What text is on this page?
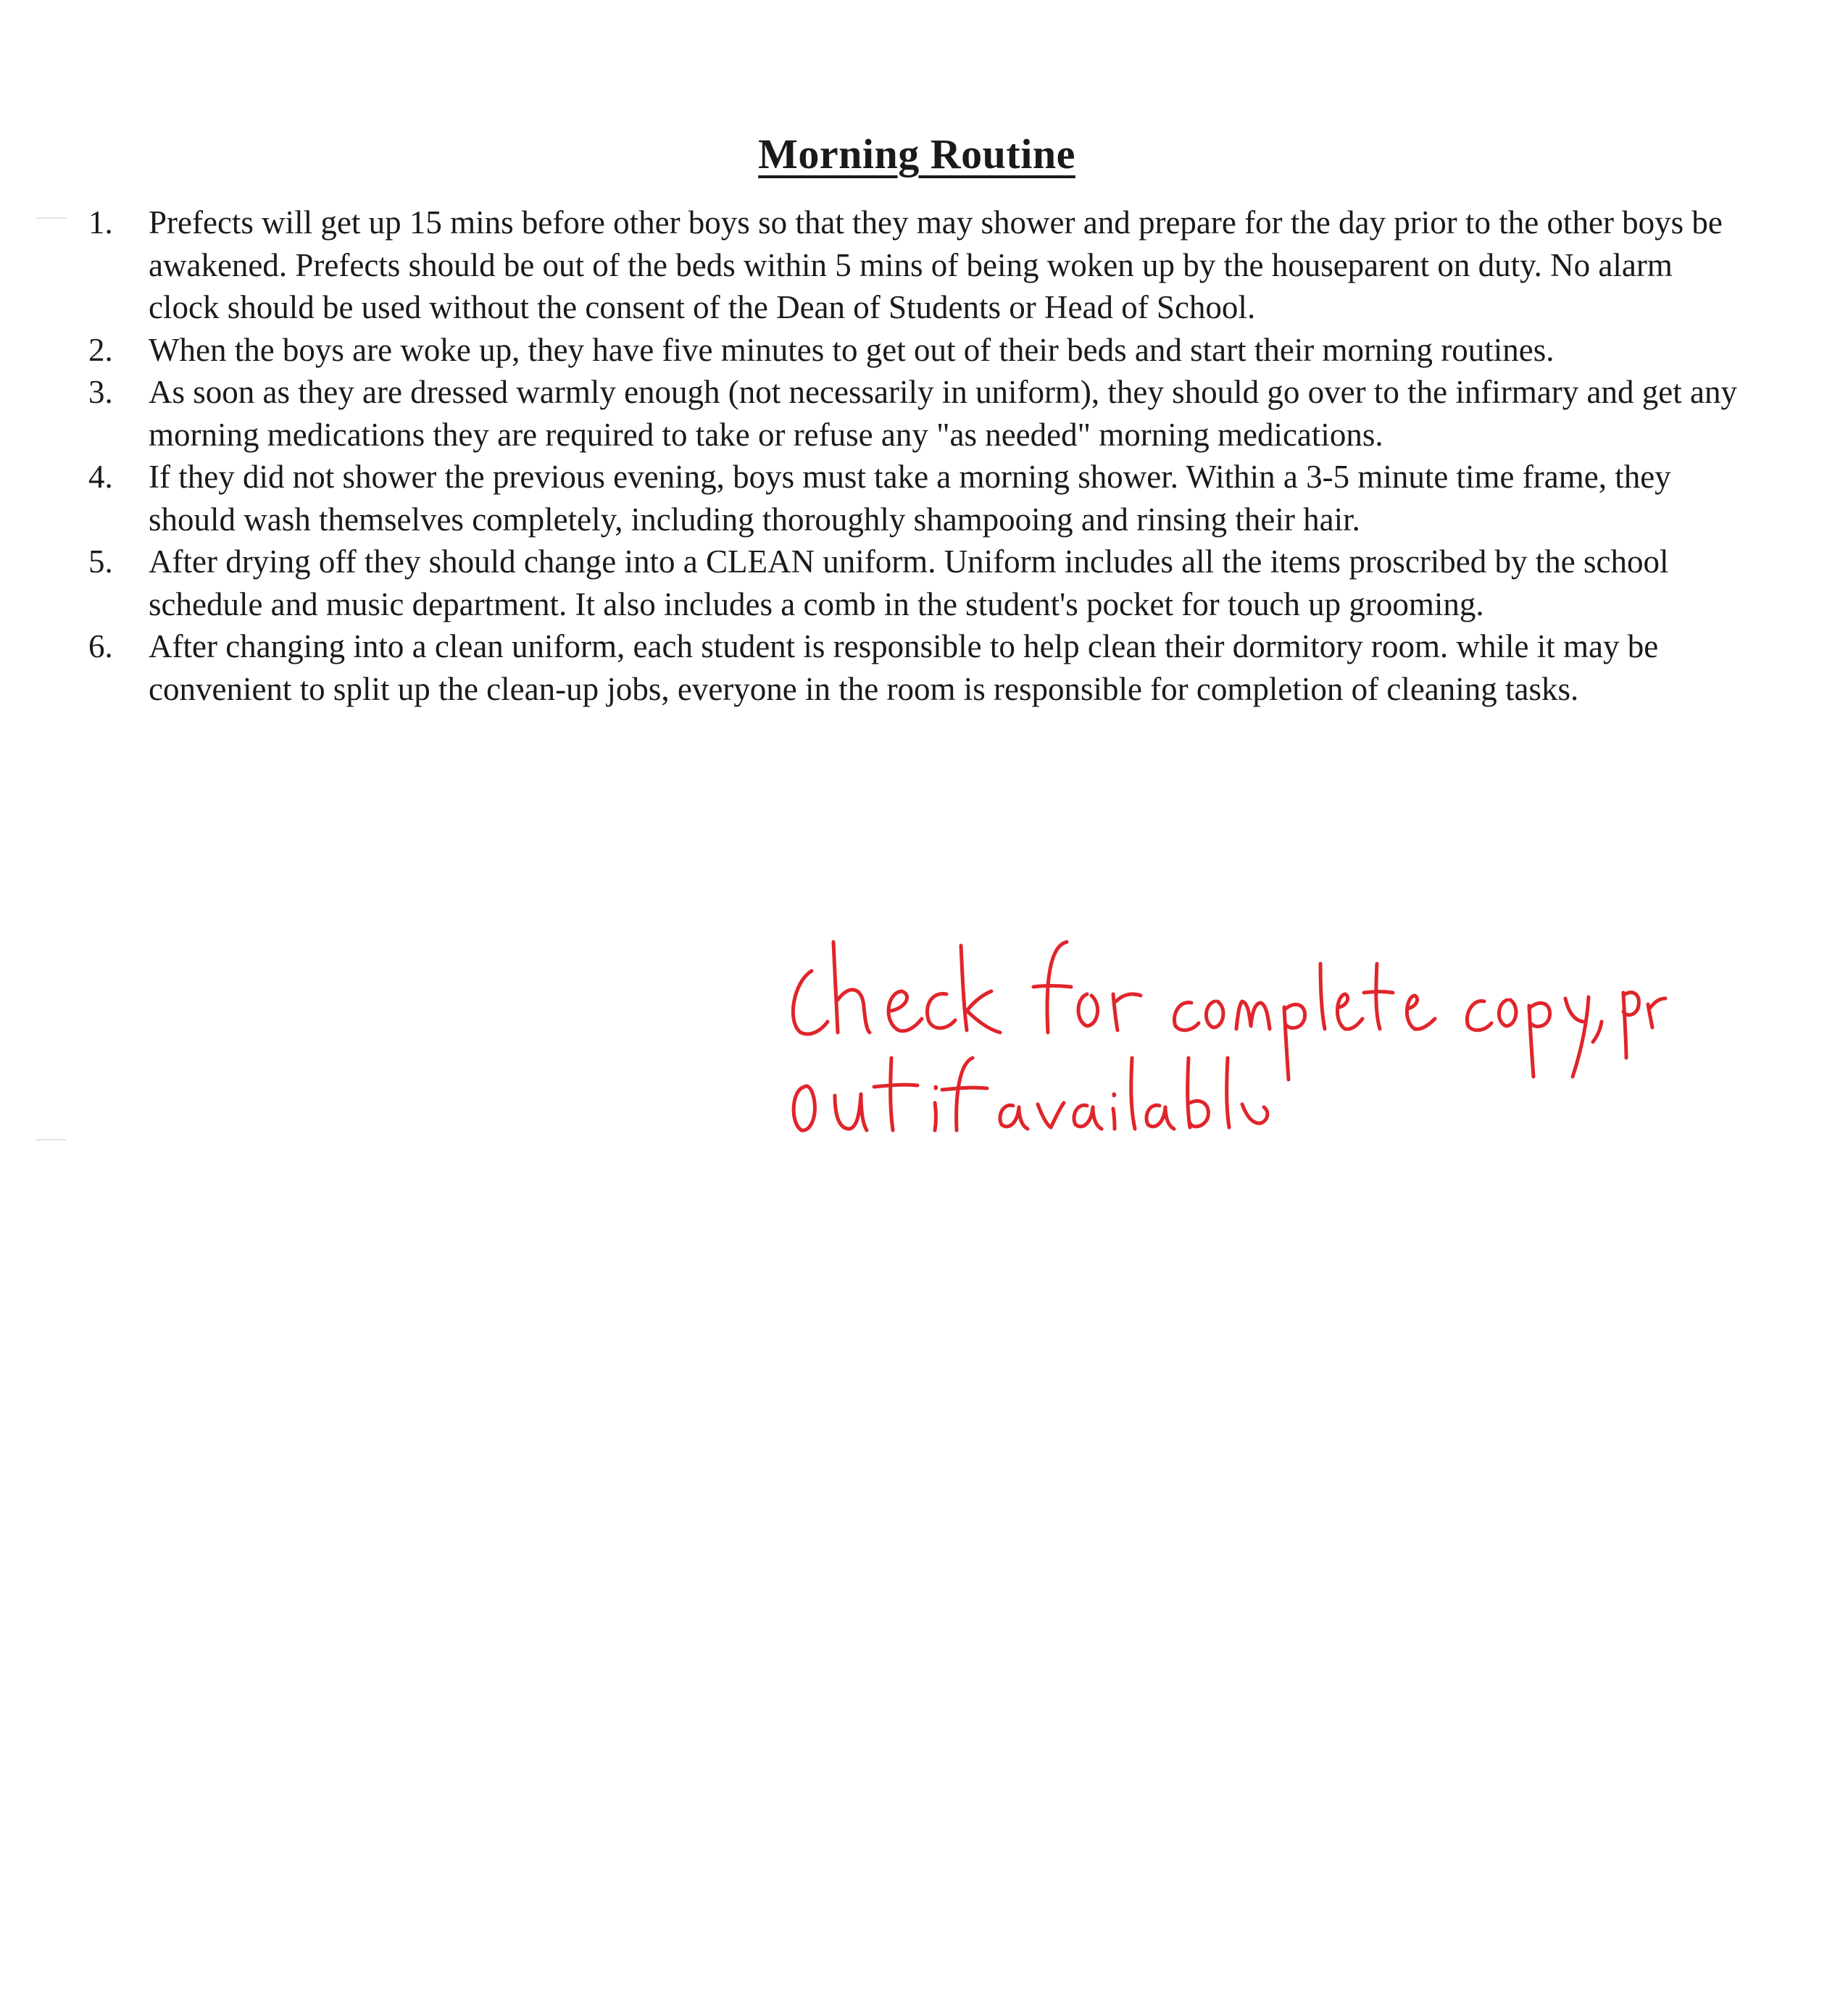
Morning Routine
1. Prefects will get up 15 mins before other boys so that they may shower and prepare for the day prior to the other boys be awakened. Prefects should be out of the beds within 5 mins of being woken up by the houseparent on duty. No alarm clock should be used without the consent of the Dean of Students or Head of School.
2. When the boys are woke up, they have five minutes to get out of their beds and start their morning routines.
3. As soon as they are dressed warmly enough (not necessarily in uniform), they should go over to the infirmary and get any morning medications they are required to take or refuse any "as needed" morning medications.
4. If they did not shower the previous evening, boys must take a morning shower. Within a 3-5 minute time frame, they should wash themselves completely, including thoroughly shampooing and rinsing their hair.
5. After drying off they should change into a CLEAN uniform. Uniform includes all the items proscribed by the school schedule and music department. It also includes a comb in the student's pocket for touch up grooming.
6. After changing into a clean uniform, each student is responsible to help clean their dormitory room. while it may be convenient to split up the clean-up jobs, everyone in the room is responsible for completion of cleaning tasks.
